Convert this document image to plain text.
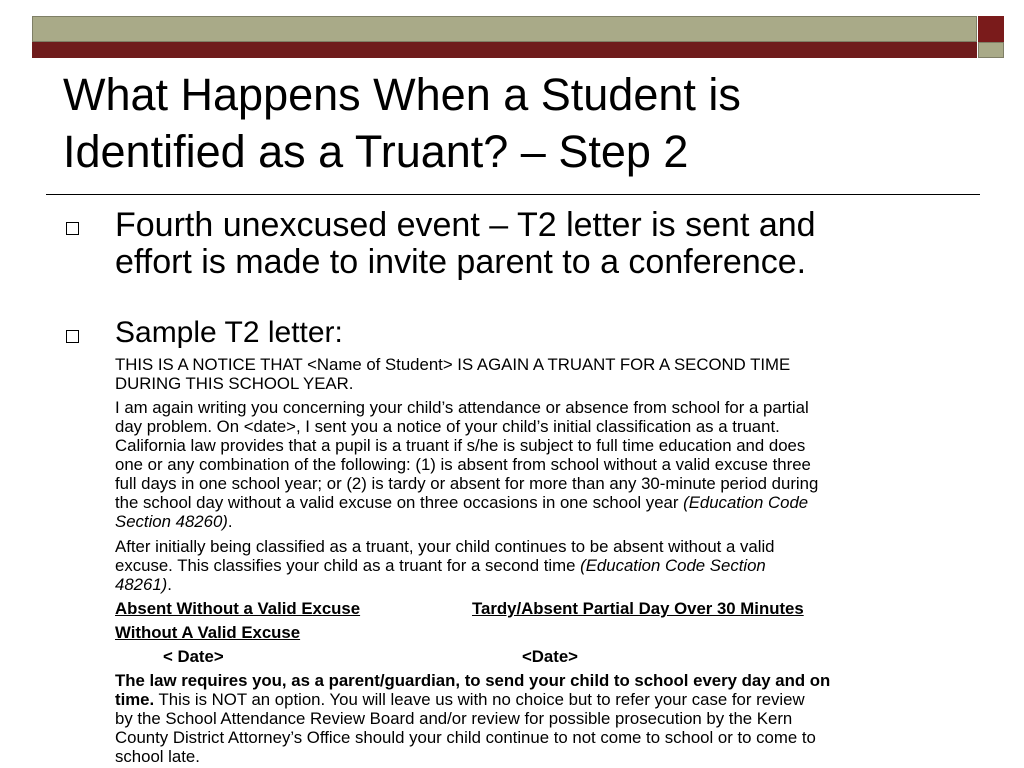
What Happens When a Student is
Identified as a Truant? – Step 2
Fourth unexcused event – T2 letter is sent and
effort is made to invite parent to a conference.
Sample T2 letter:
THIS IS A NOTICE THAT <Name of Student> IS AGAIN A TRUANT FOR A SECOND TIME
DURING THIS SCHOOL YEAR.
I am again writing you concerning your child’s attendance or absence from school for a partial
day problem. On <date>, I sent you a notice of your child’s initial classification as a truant.
California law provides that a pupil is a truant if s/he is subject to full time education and does
one or any combination of the following: (1) is absent from school without a valid excuse three
full days in one school year; or (2) is tardy or absent for more than any 30-minute period during
the school day without a valid excuse on three occasions in one school year (Education Code
Section 48260).
After initially being classified as a truant, your child continues to be absent without a valid
excuse. This classifies your child as a truant for a second time (Education Code Section
48261).
Absent Without a Valid Excuse	Tardy/Absent Partial Day Over 30 Minutes
Without A Valid Excuse
< Date>	<Date>
The law requires you, as a parent/guardian, to send your child to school every day and on
time. This is NOT an option. You will leave us with no choice but to refer your case for review
by the School Attendance Review Board and/or review for possible prosecution by the Kern
County District Attorney’s Office should your child continue to not come to school or to come to
school late.
